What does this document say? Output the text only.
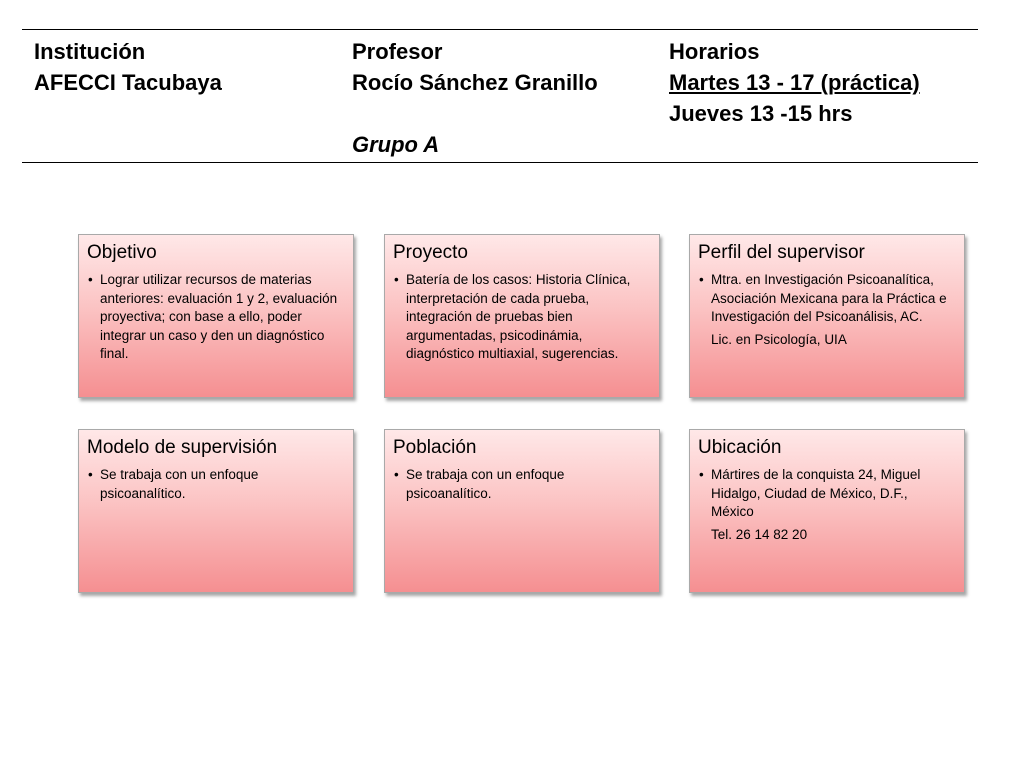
Institución
AFECCI Tacubaya
Profesor
Rocío Sánchez Granillo

Grupo A
Horarios
Martes 13 - 17 (práctica)
Jueves 13 -15 hrs
Objetivo
• Lograr utilizar recursos de materias anteriores: evaluación 1 y 2, evaluación proyectiva; con base a ello, poder integrar un caso y den un diagnóstico final.
Proyecto
• Batería de los casos: Historia Clínica, interpretación de cada prueba, integración de pruebas bien argumentadas, psicodinámia, diagnóstico multiaxial, sugerencias.
Perfil del supervisor
• Mtra. en Investigación Psicoanalítica, Asociación Mexicana para la Práctica e Investigación del Psicoanálisis, AC.
Lic. en Psicología, UIA
Modelo de supervisión
• Se trabaja con un enfoque psicoanalítico.
Población
• Se trabaja con un enfoque psicoanalítico.
Ubicación
• Mártires de la conquista 24, Miguel Hidalgo, Ciudad de México, D.F., México
Tel. 26 14 82 20
